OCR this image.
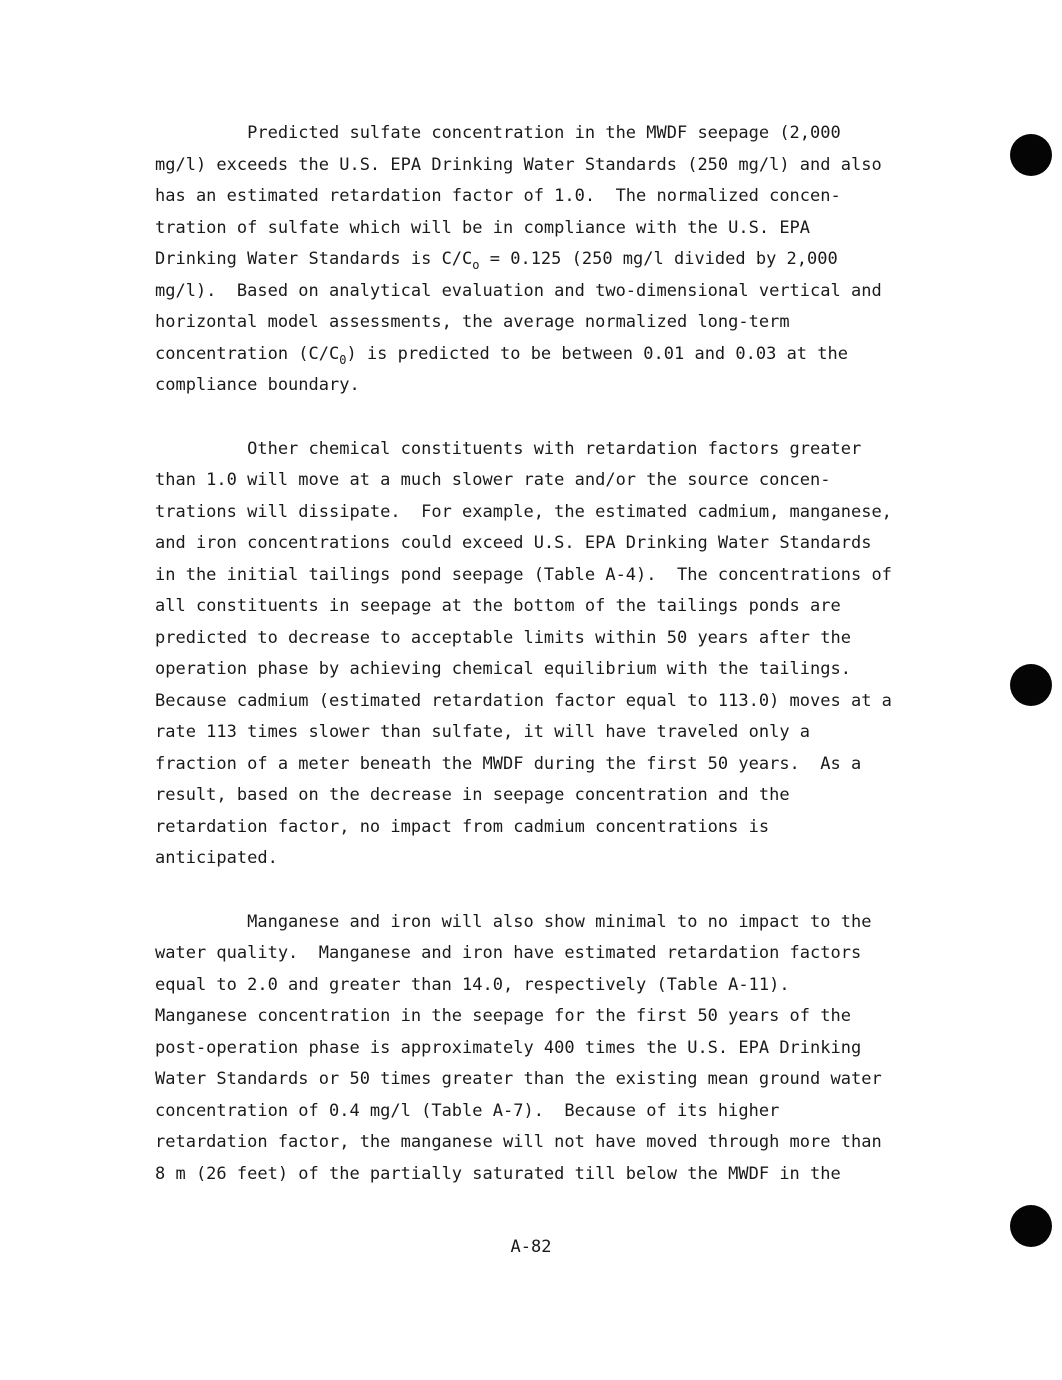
Predicted sulfate concentration in the MWDF seepage (2,000

mg/l) exceeds the U.S. EPA Drinking Water Standards (250 mg/l) and also

has an estimated retardation factor of 1.0.  The normalized concen-

tration of sulfate which will be in compliance with the U.S. EPA

Drinking Water Standards is $C/C_o = 0.125$ (250 mg/l divided by 2,000

mg/l).  Based on analytical evaluation and two-dimensional vertical and

horizontal model assessments, the average normalized long-term

concentration $(C/C_0)$ is predicted to be between 0.01 and 0.03 at the

compliance boundary.

Other chemical constituents with retardation factors greater

than 1.0 will move at a much slower rate and/or the source concen-

trations will dissipate.  For example, the estimated cadmium, manganese,

and iron concentrations could exceed U.S. EPA Drinking Water Standards

in the initial tailings pond seepage (Table A-4).  The concentrations of

all constituents in seepage at the bottom of the tailings ponds are

predicted to decrease to acceptable limits within 50 years after the

operation phase by achieving chemical equilibrium with the tailings.

Because cadmium (estimated retardation factor equal to 113.0) moves at a

rate 113 times slower than sulfate, it will have traveled only a

fraction of a meter beneath the MWDF during the first 50 years.  As a

result, based on the decrease in seepage concentration and the

retardation factor, no impact from cadmium concentrations is

anticipated.

Manganese and iron will also show minimal to no impact to the

water quality.  Manganese and iron have estimated retardation factors

equal to 2.0 and greater than 14.0, respectively (Table A-11).

Manganese concentration in the seepage for the first 50 years of the

post-operation phase is approximately 400 times the U.S. EPA Drinking

Water Standards or 50 times greater than the existing mean ground water

concentration of 0.4 mg/l (Table A-7).  Because of its higher

retardation factor, the manganese will not have moved through more than

8 m (26 feet) of the partially saturated till below the MWDF in the

A-82
